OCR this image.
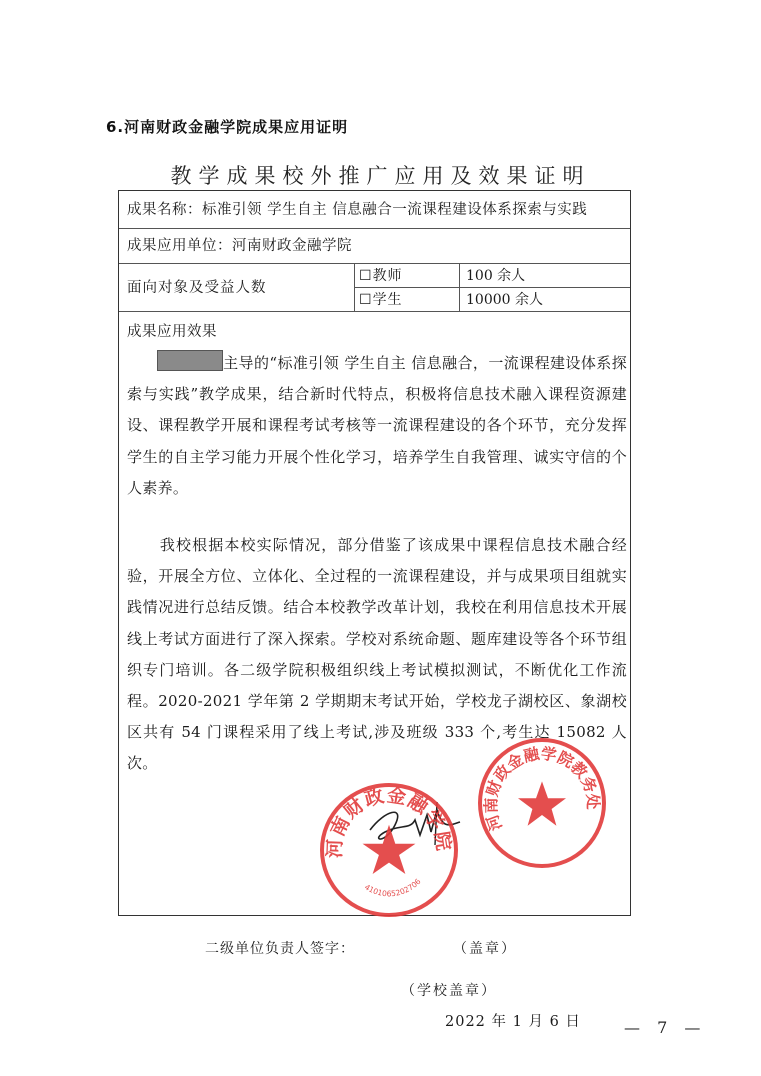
6.河南财政金融学院成果应用证明
教学成果校外推广应用及效果证明
成果名称：标准引领 学生自主 信息融合一流课程建设体系探索与实践
成果应用单位：河南财政金融学院
面向对象及受益人数
☐教师	100 余人
☐学生	10000 余人
成果应用效果
主导的“标准引领 学生自主 信息融合，一流课程建设体系探索与实践”教学成果，结合新时代特点，积极将信息技术融入课程资源建设、课程教学开展和课程考试考核等一流课程建设的各个环节，充分发挥学生的自主学习能力开展个性化学习，培养学生自我管理、诚实守信的个人素养。
我校根据本校实际情况，部分借鉴了该成果中课程信息技术融合经验，开展全方位、立体化、全过程的一流课程建设，并与成果项目组就实践情况进行总结反馈。结合本校教学改革计划，我校在利用信息技术开展线上考试方面进行了深入探索。学校对系统命题、题库建设等各个环节组织专门培训。各二级学院积极组织线上考试模拟测试，不断优化工作流程。2020-2021 学年第 2 学期期末考试开始，学校龙子湖校区、象湖校区共有 54 门课程采用了线上考试,涉及班级 333 个,考生达 15082 人次。
二级单位负责人签字：	（盖章）
（学校盖章）
2022 年 1 月 6 日
河南财政金融学院
4101065202706
河南财政金融学院教务处
— 7 —
